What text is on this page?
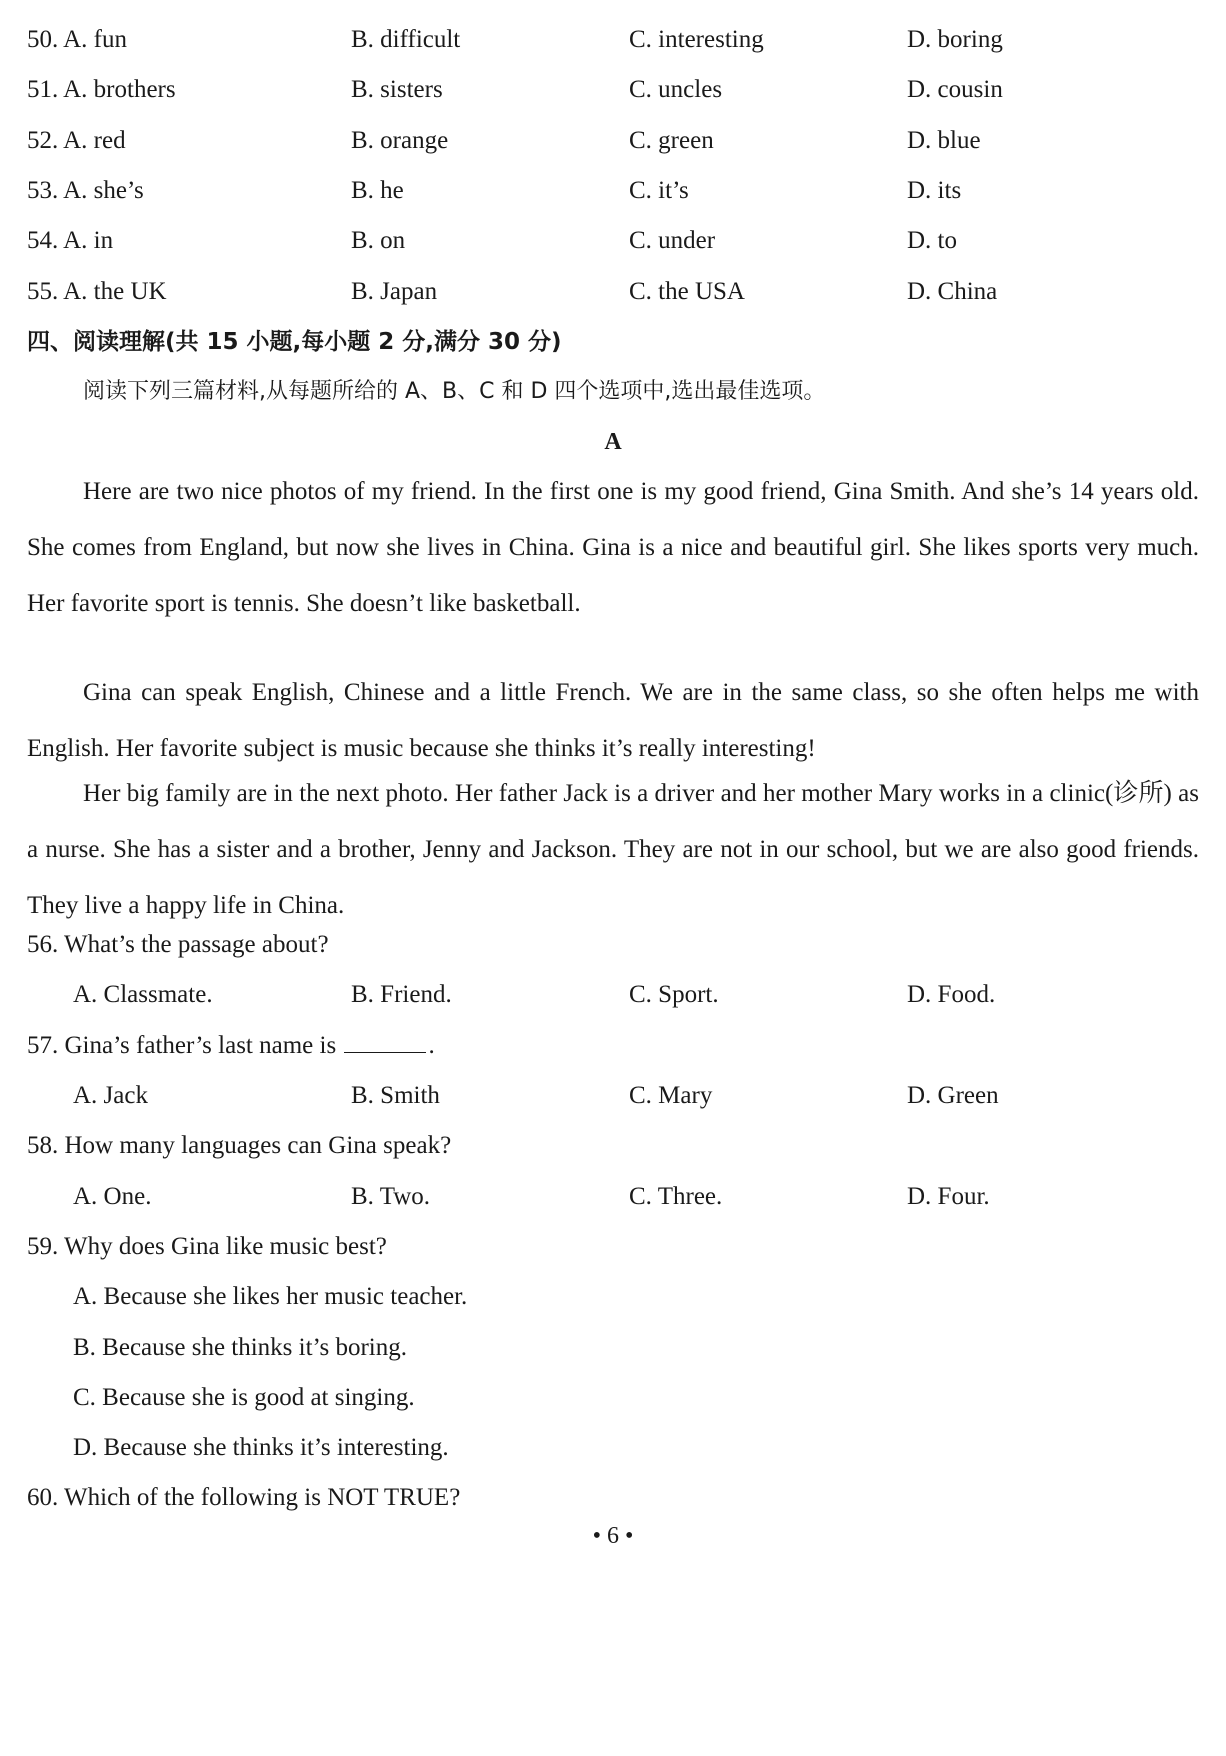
50. A. fun	B. difficult	C. interesting	D. boring
51. A. brothers	B. sisters	C. uncles	D. cousin
52. A. red	B. orange	C. green	D. blue
53. A. she’s	B. he	C. it’s	D. its
54. A. in	B. on	C. under	D. to
55. A. the UK	B. Japan	C. the USA	D. China
四、阅读理解(共 15 小题,每小题 2 分,满分 30 分)
阅读下列三篇材料,从每题所给的 A、B、C 和 D 四个选项中,选出最佳选项。
A
Here are two nice photos of my friend. In the first one is my good friend, Gina Smith. And she’s 14 years old. She comes from England, but now she lives in China. Gina is a nice and beautiful girl. She likes sports very much. Her favorite sport is tennis. She doesn’t like basketball.
Gina can speak English, Chinese and a little French. We are in the same class, so she often helps me with English. Her favorite subject is music because she thinks it’s really interesting!
Her big family are in the next photo. Her father Jack is a driver and her mother Mary works in a clinic(诊所) as a nurse. She has a sister and a brother, Jenny and Jackson. They are not in our school, but we are also good friends. They live a happy life in China.
56. What’s the passage about?
A. Classmate.	B. Friend.	C. Sport.	D. Food.
57. Gina’s father’s last name is	.
A. Jack	B. Smith	C. Mary	D. Green
58. How many languages can Gina speak?
A. One.	B. Two.	C. Three.	D. Four.
59. Why does Gina like music best?
A. Because she likes her music teacher.
B. Because she thinks it’s boring.
C. Because she is good at singing.
D. Because she thinks it’s interesting.
60. Which of the following is NOT TRUE?
• 6 •
